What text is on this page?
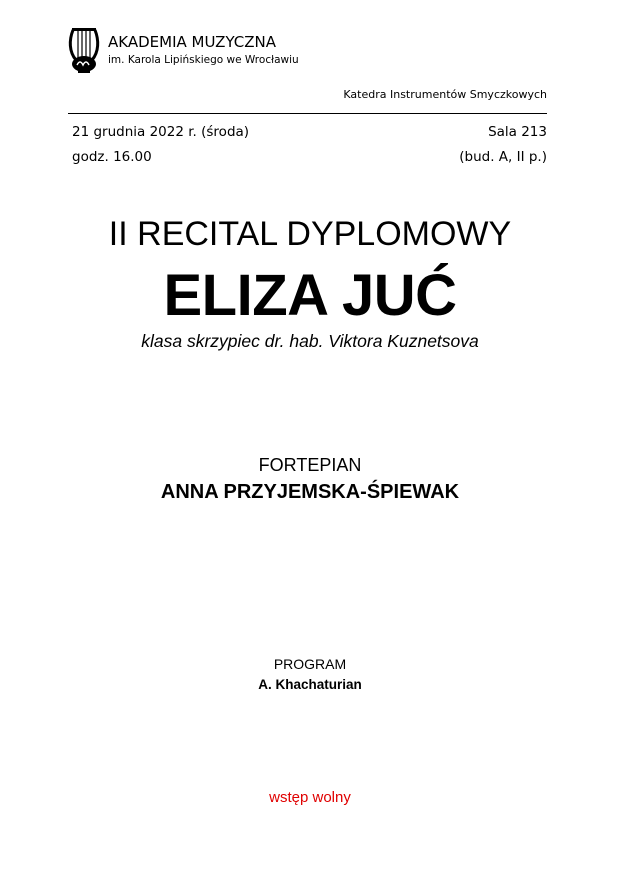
AKADEMIA MUZYCZNA
im. Karola Lipińskiego we Wrocławiu
Katedra Instrumentów Smyczkowych
21 grudnia 2022 r. (środa)
godz. 16.00
Sala 213
(bud. A, II p.)
II RECITAL DYPLOMOWY
ELIZA JUĆ
klasa skrzypiec dr. hab. Viktora Kuznetsova
FORTEPIAN
ANNA PRZYJEMSKA-ŚPIEWAK
PROGRAM
A. Khachaturian
wstęp wolny
